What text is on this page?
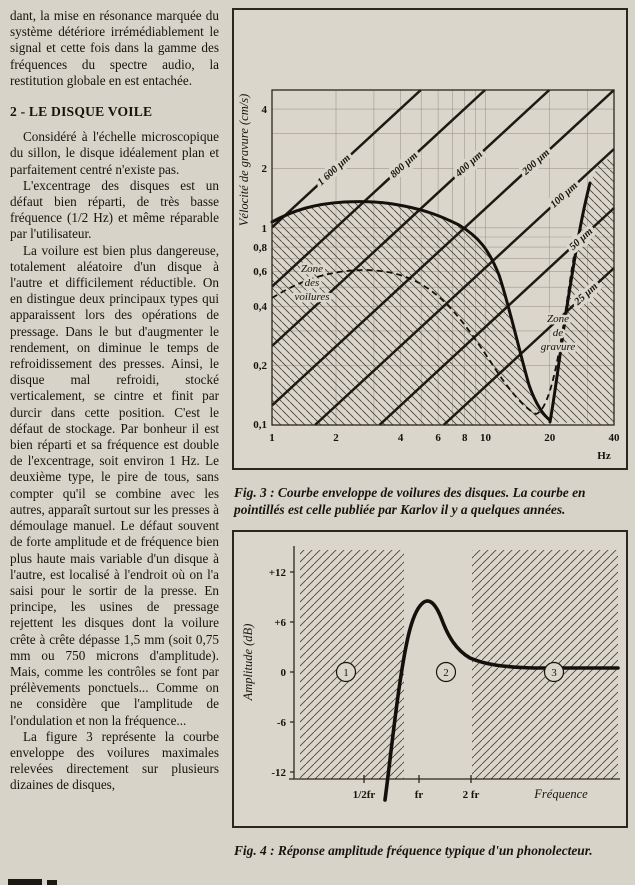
dant, la mise en résonance marquée du système détériore irrémédiablement le signal et cette fois dans la gamme des fréquences du spectre audio, la restitution globale en est entachée.

2 - LE DISQUE VOILE

Considéré à l'échelle microscopique du sillon, le disque idéalement plan et parfaitement centré n'existe pas.

L'excentrage des disques est un défaut bien réparti, de très basse fréquence (1/2 Hz) et même réparable par l'utilisateur.

La voilure est bien plus dangereuse, totalement aléatoire d'un disque à l'autre et difficilement réductible. On en distingue deux principaux types qui apparaissent lors des opérations de pressage. Dans le but d'augmenter le rendement, on diminue le temps de refroidissement des presses. Ainsi, le disque mal refroidi, stocké verticalement, se cintre et finit par durcir dans cette position. C'est le défaut de stockage. Par bonheur il est bien réparti et sa fréquence est double de l'excentrage, soit environ 1 Hz. Le deuxième type, le pire de tous, sans compter qu'il se combine avec les autres, apparaît surtout sur les presses à démoulage manuel. Le défaut souvent de forte amplitude et de fréquence bien plus haute mais variable d'un disque à l'autre, est localisé à l'endroit où on l'a saisi pour le sortir de la presse. En principe, les usines de pressage rejettent les disques dont la voilure crête à crête dépasse 1,5 mm (soit 0,75 mm ou 750 microns d'amplitude). Mais, comme les contrôles se font par prélèvements ponctuels... Comme on ne considère que l'amplitude de l'ondulation et non la fréquence...

La figure 3 représente la courbe enveloppe des voilures maximales relevées directement sur plusieurs dizaines de disques,

1 600 µm	800 µm	400 µm	200 µm
100 µm
50 µm
25 µm
Zone
des
voilures
Zone
de
gravure
4
2
1
0,8
0,6
0,4
0,2
0,1
1	2	4	6 8 10	20	40
Hz
Vélocité de gravure (cm/s)
Fig. 3 : Courbe enveloppe de voilures des disques. La courbe en pointillés est celle publiée par Karlov il y a quelques années.
1	2	3
+12
+6
0
-6
-12
1/2fr	fr	2 fr	Fréquence
Amplitude (dB)
Fig. 4 : Réponse amplitude fréquence typique d'un phonolecteur.
